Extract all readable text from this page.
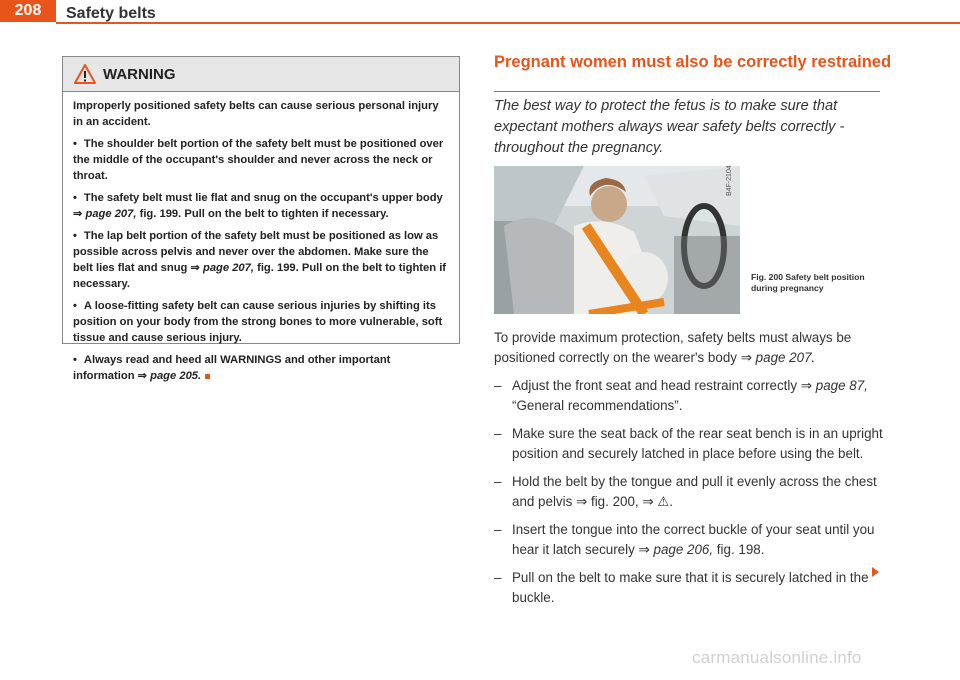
208	Safety belts
WARNING

Improperly positioned safety belts can cause serious personal injury in an accident.

• The shoulder belt portion of the safety belt must be positioned over the middle of the occupant's shoulder and never across the neck or throat.

• The safety belt must lie flat and snug on the occupant's upper body ⇒ page 207, fig. 199. Pull on the belt to tighten if necessary.

• The lap belt portion of the safety belt must be positioned as low as possible across pelvis and never over the abdomen. Make sure the belt lies flat and snug ⇒ page 207, fig. 199. Pull on the belt to tighten if necessary.

• A loose-fitting safety belt can cause serious injuries by shifting its position on your body from the strong bones to more vulnerable, soft tissue and cause serious injury.

• Always read and heed all WARNINGS and other important information ⇒ page 205.

Pregnant women must also be correctly restrained
The best way to protect the fetus is to make sure that expectant mothers always wear safety belts correctly - throughout the pregnancy.
B4F-2104
Fig. 200 Safety belt position during pregnancy

To provide maximum protection, safety belts must always be positioned correctly on the wearer's body ⇒ page 207.

– Adjust the front seat and head restraint correctly ⇒ page 87, “General recommendations”.
– Make sure the seat back of the rear seat bench is in an upright position and securely latched in place before using the belt.
– Hold the belt by the tongue and pull it evenly across the chest and pelvis ⇒ fig. 200, ⇒ ⚠.
– Insert the tongue into the correct buckle of your seat until you hear it latch securely ⇒ page 206, fig. 198.
– Pull on the belt to make sure that it is securely latched in the buckle.
carmanualsonline.info
